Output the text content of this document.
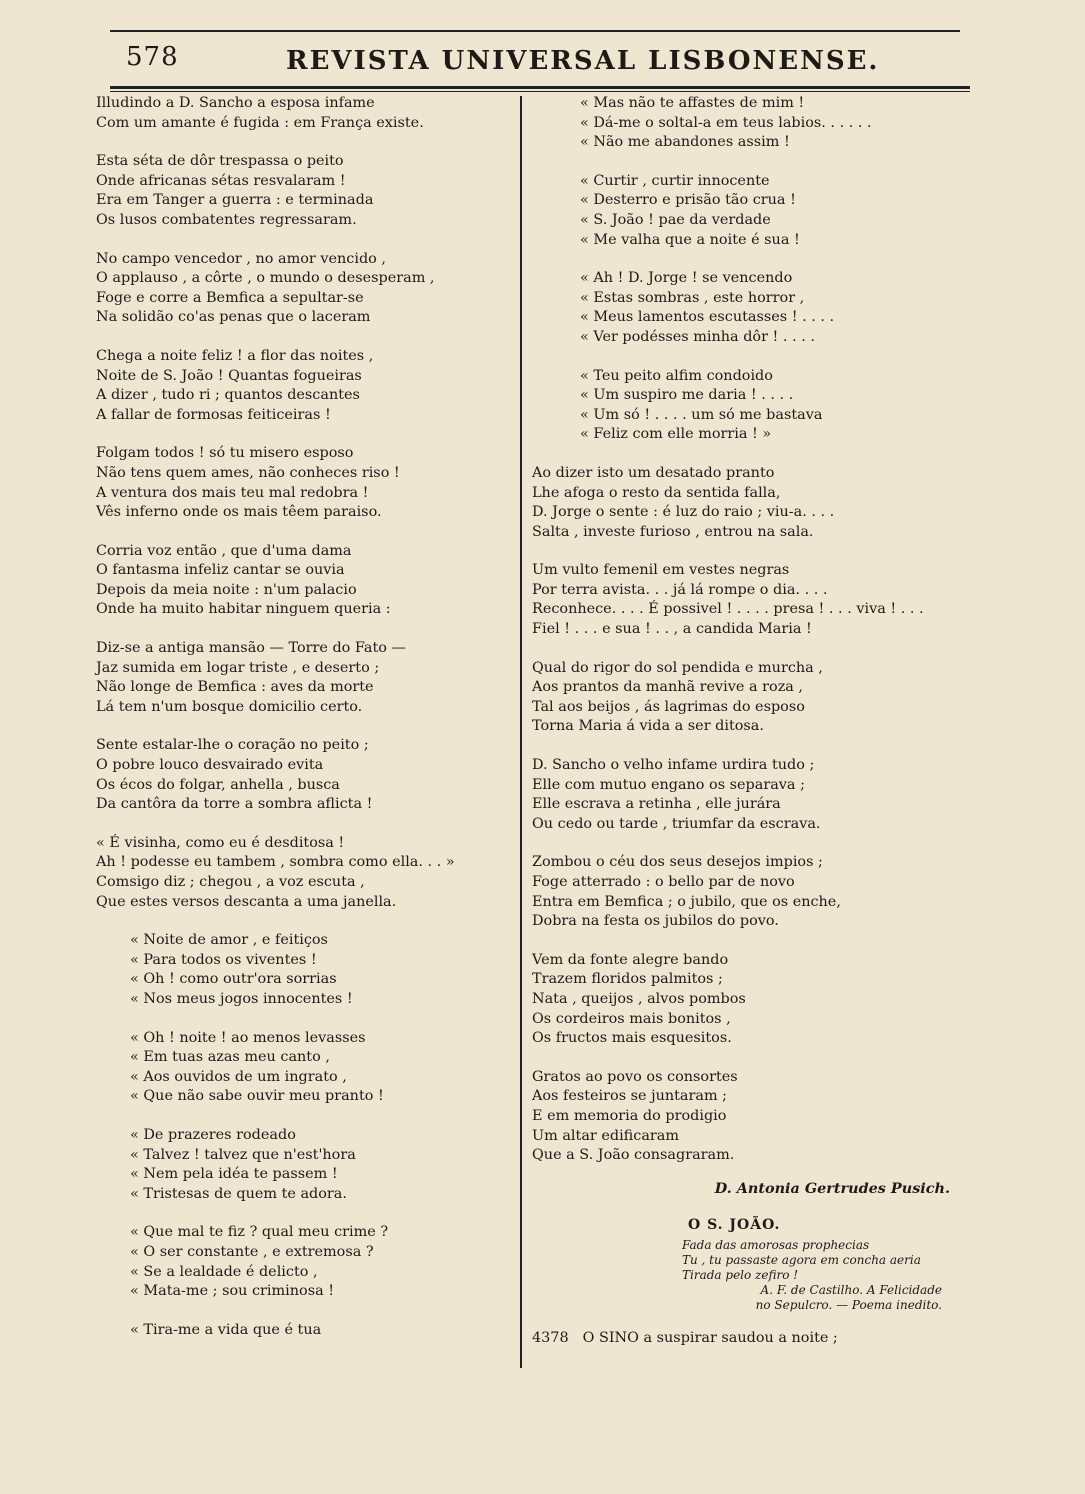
578	REVISTA UNIVERSAL LISBONENSE.
Illudindo a D. Sancho a esposa infame
Com um amante é fugida : em França existe.
Esta séta de dôr trespassa o peito
Onde africanas sétas resvalaram !
Era em Tanger a guerra : e terminada
Os lusos combatentes regressaram.
No campo vencedor , no amor vencido ,
O applauso , a côrte , o mundo o desesperam ,
Foge e corre a Bemfica a sepultar-se
Na solidão co'as penas que o laceram
Chega a noite feliz ! a flor das noites ,
Noite de S. João ! Quantas fogueiras
A dizer , tudo ri ; quantos descantes
A fallar de formosas feiticeiras !
Folgam todos ! só tu misero esposo
Não tens quem ames, não conheces riso !
A ventura dos mais teu mal redobra !
Vês inferno onde os mais têem paraiso.
Corria voz então , que d'uma dama
O fantasma infeliz cantar se ouvia
Depois da meia noite : n'um palacio
Onde ha muito habitar ninguem queria :
Diz-se a antiga mansão — Torre do Fato —
Jaz sumida em logar triste , e deserto ;
Não longe de Bemfica : aves da morte
Lá tem n'um bosque domicilio certo.
Sente estalar-lhe o coração no peito ;
O pobre louco desvairado evita
Os écos do folgar, anhella , busca
Da cantôra da torre a sombra aflicta !
« É visinha, como eu é desditosa !
Ah ! podesse eu tambem , sombra como ella. . . »
Comsigo diz ; chegou , a voz escuta ,
Que estes versos descanta a uma janella.
« Noite de amor , e feitiços
« Para todos os viventes !
« Oh ! como outr'ora sorrias
« Nos meus jogos innocentes !
« Oh ! noite ! ao menos levasses
« Em tuas azas meu canto ,
« Aos ouvidos de um ingrato ,
« Que não sabe ouvir meu pranto !
« De prazeres rodeado
« Talvez ! talvez que n'est'hora
« Nem pela idéa te passem !
« Tristesas de quem te adora.
« Que mal te fiz ? qual meu crime ?
« O ser constante , e extremosa ?
« Se a lealdade é delicto ,
« Mata-me ; sou criminosa !
« Tira-me a vida que é tua
« Mas não te affastes de mim !
« Dá-me o soltal-a em teus labios. . . . . .
« Não me abandones assim !
« Curtir , curtir innocente
« Desterro e prisão tão crua !
« S. João ! pae da verdade
« Me valha que a noite é sua !
« Ah ! D. Jorge ! se vencendo
« Estas sombras , este horror ,
« Meus lamentos escutasses ! . . . .
« Ver podésses minha dôr ! . . . .
« Teu peito alfim condoido
« Um suspiro me daria ! . . . .
« Um só ! . . . . um só me bastava
« Feliz com elle morria ! »
Ao dizer isto um desatado pranto
Lhe afoga o resto da sentida falla,
D. Jorge o sente : é luz do raio ; viu-a. . . .
Salta , investe furioso , entrou na sala.
Um vulto femenil em vestes negras
Por terra avista. . . já lá rompe o dia. . . .
Reconhece. . . . É possivel ! . . . . presa ! . . . viva ! . . .
Fiel ! . . . e sua ! . . , a candida Maria !
Qual do rigor do sol pendida e murcha ,
Aos prantos da manhã revive a roza ,
Tal aos beijos , ás lagrimas do esposo
Torna Maria á vida a ser ditosa.
D. Sancho o velho infame urdira tudo ;
Elle com mutuo engano os separava ;
Elle escrava a retinha , elle jurára
Ou cedo ou tarde , triumfar da escrava.
Zombou o céu dos seus desejos impios ;
Foge atterrado : o bello par de novo
Entra em Bemfica ; o jubilo, que os enche,
Dobra na festa os jubilos do povo.
Vem da fonte alegre bando
Trazem floridos palmitos ;
Nata , queijos , alvos pombos
Os cordeiros mais bonitos ,
Os fructos mais esquesitos.
Gratos ao povo os consortes
Aos festeiros se juntaram ;
E em memoria do prodigio
Um altar edificaram
Que a S. João consagraram.
D. Antonia Gertrudes Pusich.
O S. JOÃO.
Fada das amorosas prophecias
Tu , tu passaste agora em concha aeria
Tirada pelo zefiro !
A. F. de Castilho. A Felicidade
no Sepulcro. — Poema inedito.
4378 O SINO a suspirar saudou a noite ;
